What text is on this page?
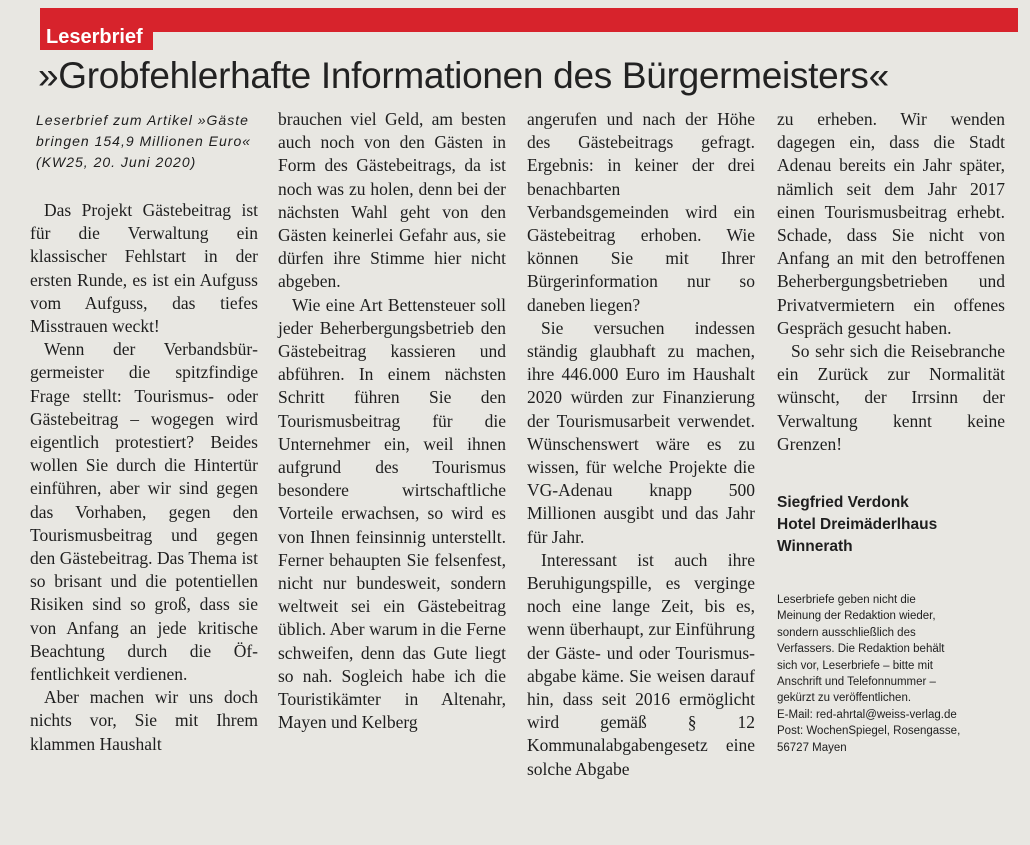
Leserbrief
»Grobfehlerhafte Informationen des Bürgermeisters«
Leserbrief zum Artikel »Gäste bringen 154,9 Millionen Euro« (KW25, 20. Juni 2020)

Das Projekt Gästebeitrag ist für die Verwaltung ein klassischer Fehlstart in der ersten Runde, es ist ein Aufguss vom Aufguss, das tiefes Misstrauen weckt!

Wenn der Verbandsbürgermeister die spitzfindige Frage stellt: Tourismus- oder Gästebeitrag – wogegen wird eigentlich protestiert? Beides wollen Sie durch die Hintertür einführen, aber wir sind gegen das Vorhaben, gegen den Tourismusbeitrag und gegen den Gästebeitrag. Das Thema ist so brisant und die potentiellen Risiken sind so groß, dass sie von Anfang an jede kritische Beachtung durch die Öffentlichkeit verdienen.

Aber machen wir uns doch nichts vor, Sie mit Ihrem klammen Haushalt

brauchen viel Geld, am besten auch noch von den Gästen in Form des Gästebeitrags, da ist noch was zu holen, denn bei der nächsten Wahl geht von den Gästen keinerlei Gefahr aus, sie dürfen ihre Stimme hier nicht abgeben.

Wie eine Art Bettensteuer soll jeder Beherbergungsbetrieb den Gästebeitrag kassieren und abführen. In einem nächsten Schritt führen Sie den Tourismusbeitrag für die Unternehmer ein, weil ihnen aufgrund des Tourismus besondere wirtschaftliche Vorteile erwachsen, so wird es von Ihnen feinsinnig unterstellt. Ferner behaupten Sie felsenfest, nicht nur bundesweit, sondern weltweit sei ein Gästebeitrag üblich. Aber warum in die Ferne schweifen, denn das Gute liegt so nah. Sogleich habe ich die Touristikämter in Altenahr, Mayen und Kelberg

angerufen und nach der Höhe des Gästebeitrags gefragt. Ergebnis: in keiner der drei benachbarten Verbandsgemeinden wird ein Gästebeitrag erhoben. Wie können Sie mit Ihrer Bürgerinformation nur so daneben liegen?

Sie versuchen indessen ständig glaubhaft zu machen, ihre 446.000 Euro im Haushalt 2020 würden zur Finanzierung der Tourismusarbeit verwendet. Wünschenswert wäre es zu wissen, für welche Projekte die VG-Adenau knapp 500 Millionen ausgibt und das Jahr für Jahr.

Interessant ist auch ihre Beruhigungspille, es verginge noch eine lange Zeit, bis es, wenn überhaupt, zur Einführung der Gäste- und oder Tourismusabgabe käme. Sie weisen darauf hin, dass seit 2016 ermöglicht wird gemäß § 12 Kommunalabgabengesetz eine solche Abgabe

zu erheben. Wir wenden dagegen ein, dass die Stadt Adenau bereits ein Jahr später, nämlich seit dem Jahr 2017 einen Tourismusbeitrag erhebt. Schade, dass Sie nicht von Anfang an mit den betroffenen Beherbergungsbetrieben und Privatvermietern ein offenes Gespräch gesucht haben.

So sehr sich die Reisebranche ein Zurück zur Normalität wünscht, der Irrsinn der Verwaltung kennt keine Grenzen!

Siegfried Verdonk
Hotel Dreimäderlhaus
Winnerath
Leserbriefe geben nicht die
Meinung der Redaktion wieder,
sondern ausschließlich des
Verfassers. Die Redaktion behält
sich vor, Leserbriefe – bitte mit
Anschrift und Telefonnummer –
gekürzt zu veröffentlichen.
E-Mail: red-ahrtal@weiss-verlag.de
Post: WochenSpiegel, Rosengasse,
56727 Mayen
